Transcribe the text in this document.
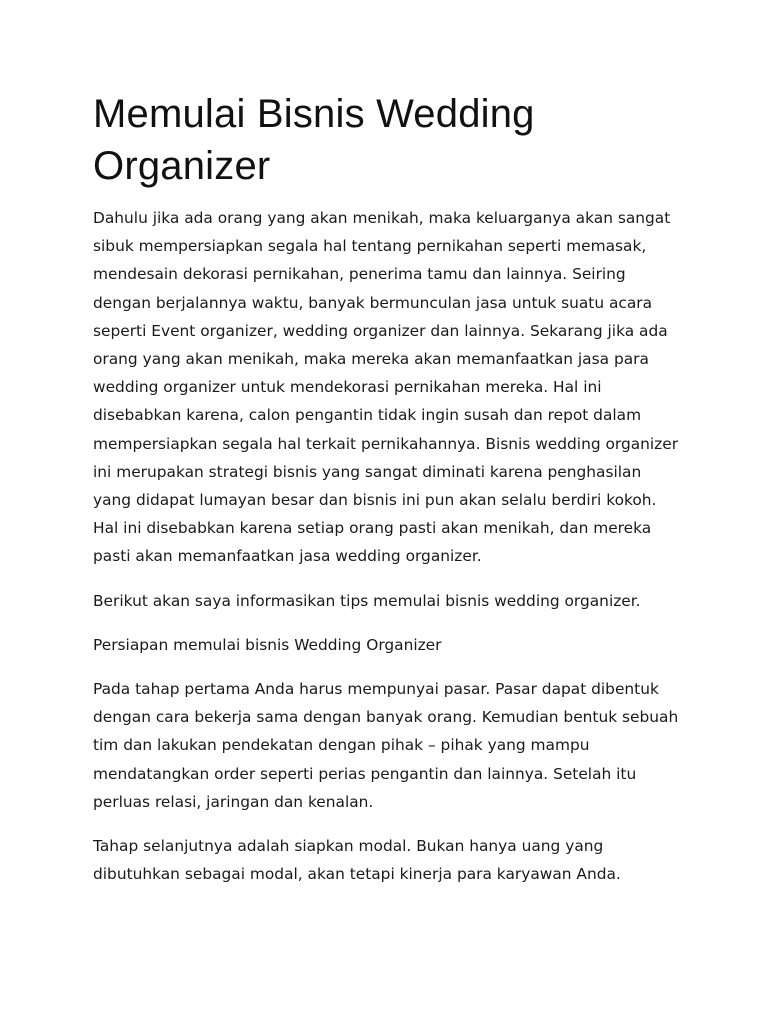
Memulai Bisnis Wedding Organizer

Dahulu jika ada orang yang akan menikah, maka keluarganya akan sangat sibuk mempersiapkan segala hal tentang pernikahan seperti memasak, mendesain dekorasi pernikahan, penerima tamu dan lainnya. Seiring dengan berjalannya waktu, banyak bermunculan jasa untuk suatu acara seperti Event organizer, wedding organizer dan lainnya. Sekarang jika ada orang yang akan menikah, maka mereka akan memanfaatkan jasa para wedding organizer untuk mendekorasi pernikahan mereka. Hal ini disebabkan karena, calon pengantin tidak ingin susah dan repot dalam mempersiapkan segala hal terkait pernikahannya. Bisnis wedding organizer ini merupakan strategi bisnis yang sangat diminati karena penghasilan yang didapat lumayan besar dan bisnis ini pun akan selalu berdiri kokoh. Hal ini disebabkan karena setiap orang pasti akan menikah, dan mereka pasti akan memanfaatkan jasa wedding organizer.

Berikut akan saya informasikan tips memulai bisnis wedding organizer.

Persiapan memulai bisnis Wedding Organizer

Pada tahap pertama Anda harus mempunyai pasar. Pasar dapat dibentuk dengan cara bekerja sama dengan banyak orang. Kemudian bentuk sebuah tim dan lakukan pendekatan dengan pihak – pihak yang mampu mendatangkan order seperti perias pengantin dan lainnya. Setelah itu perluas relasi, jaringan dan kenalan.

Tahap selanjutnya adalah siapkan modal. Bukan hanya uang yang dibutuhkan sebagai modal, akan tetapi kinerja para karyawan Anda.
